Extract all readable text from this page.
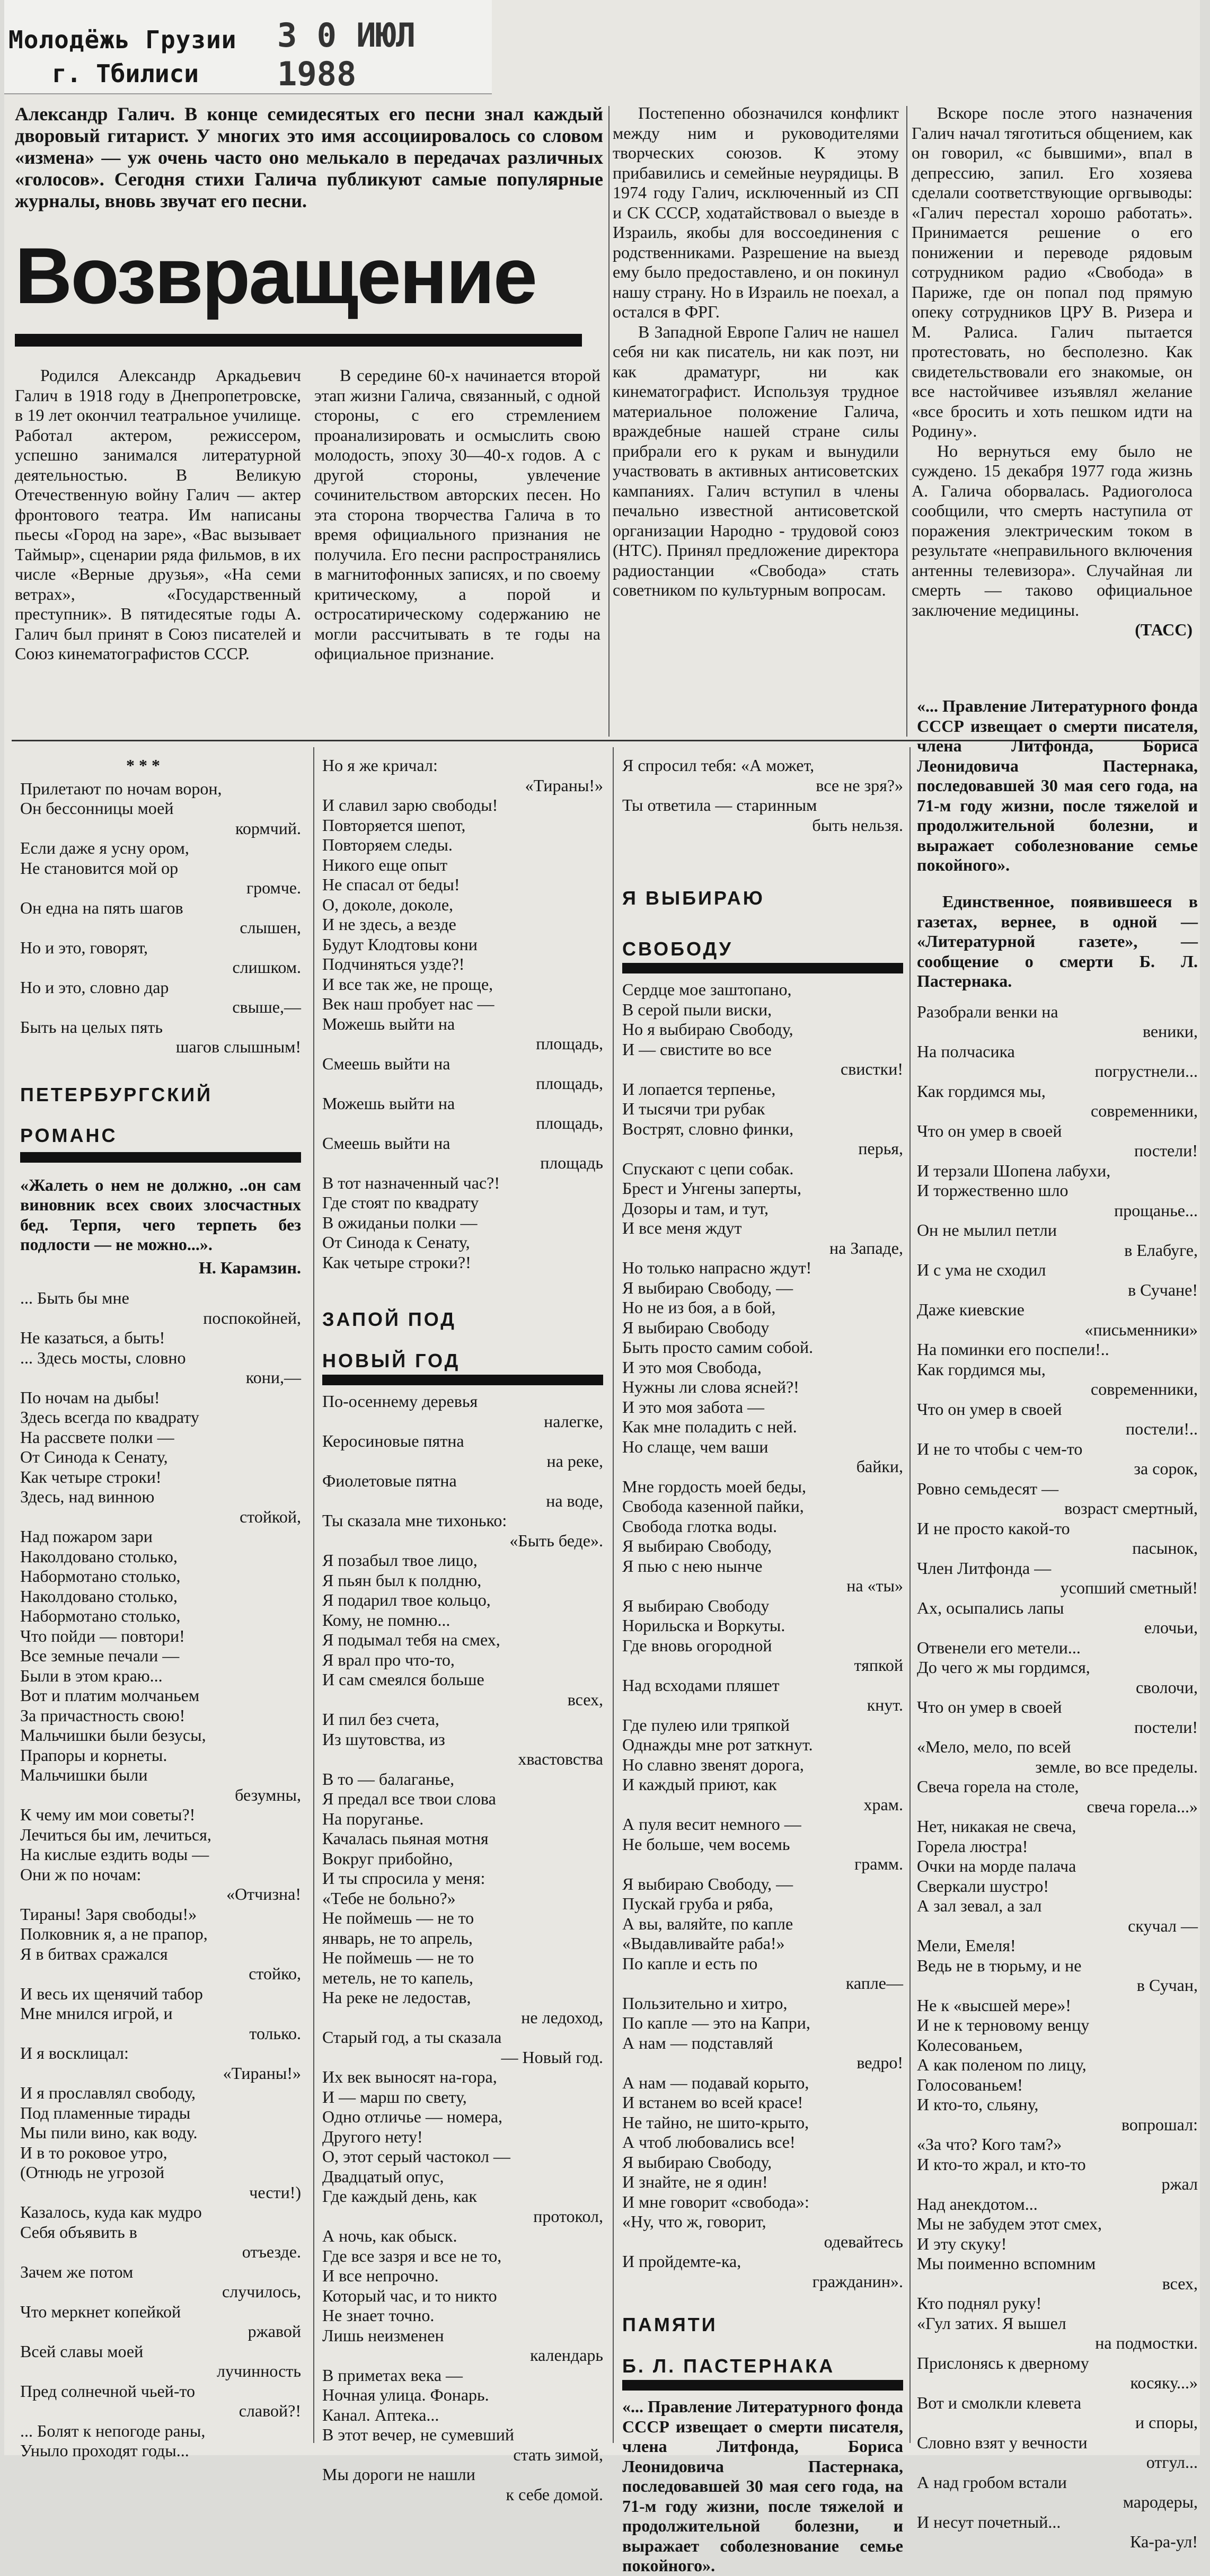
Молодёжь Грузии
г. Тбилиси
3 0 ИЮЛ 1988
Александр Галич. В конце семидесятых его песни знал каждый дворовый гитарист. У многих это имя ассоциировалось со словом «измена» — уж очень часто оно мелькало в передачах различных «голосов». Сегодня стихи Галича публикуют самые популярные журналы, вновь звучат его песни.
Возвращение

Родился Александр Аркадьевич Галич в 1918 году в Днепропетровске, в 19 лет окончил театральное училище. Работал актером, режиссером, успешно занимался литературной деятельностью. В Великую Отечественную войну Галич — актер фронтового театра. Им написаны пьесы «Город на заре», «Вас вызывает Таймыр», сценарии ряда фильмов, в их числе «Верные друзья», «На семи ветрах», «Государственный преступник». В пятидесятые годы А. Галич был принят в Союз писателей и Союз кинематографистов СССР.

В середине 60-х начинается второй этап жизни Галича, связанный, с одной стороны, с его стремлением проанализировать и осмыслить свою молодость, эпоху 30—40-х годов. А с другой стороны, увлечение сочинительством авторских песен. Но эта сторона творчества Галича в то время официального признания не получила. Его песни распространялись в магнитофонных записях, и по своему критическому, а порой и остросатирическому содержанию не могли рассчитывать в те годы на официальное признание.

Постепенно обозначился конфликт между ним и руководителями творческих союзов. К этому прибавились и семейные неурядицы. В 1974 году Галич, исключенный из СП и СК СССР, ходатайствовал о выезде в Израиль, якобы для воссоединения с родственниками. Разрешение на выезд ему было предоставлено, и он покинул нашу страну. Но в Израиль не поехал, а остался в ФРГ.

В Западной Европе Галич не нашел себя ни как писатель, ни как поэт, ни как драматург, ни как кинематографист. Используя трудное материальное положение Галича, враждебные нашей стране силы прибрали его к рукам и вынудили участвовать в активных антисоветских кампаниях. Галич вступил в члены печально известной антисоветской организации Народно - трудовой союз (НТС). Принял предложение директора радиостанции «Свобода» стать советником по культурным вопросам.

Вскоре после этого назначения Галич начал тяготиться общением, как он говорил, «с бывшими», впал в депрессию, запил. Его хозяева сделали соответствующие оргвыводы: «Галич перестал хорошо работать». Принимается решение о его понижении и переводе рядовым сотрудником радио «Свобода» в Париже, где он попал под прямую опеку сотрудников ЦРУ В. Ризера и М. Ралиса. Галич пытается протестовать, но бесполезно. Как свидетельствовали его знакомые, он все настойчивее изъявлял желание «все бросить и хоть пешком идти на Родину».

Но вернуться ему было не суждено. 15 декабря 1977 года жизнь А. Галича оборвалась. Радиоголоса сообщили, что смерть наступила от поражения электрическим током в результате «неправильного включения антенны телевизора». Случайная ли смерть — таково официальное заключение медицины.

(ТАСС)
* * *
Прилетают по ночам ворон,
Он бессонницы моей
кормчий.
Если даже я усну ором,
Не становится мой ор
громче.
Он една на пять шагов
слышен,
Но и это, говорят,
слишком.
Но и это, словно дар
свыше,—
Быть на целых пять
шагов слышным!
ПЕТЕРБУРГСКИЙ
РОМАНС
«Жалеть о нем не должно, ..он сам виновник всех своих злосчастных бед. Терпя, чего терпеть без подлости — не можно...».
Н. Карамзин.
... Быть бы мне
поспокойней,
Не казаться, а быть!
... Здесь мосты, словно
кони,—
По ночам на дыбы!
Здесь всегда по квадрату
На рассвете полки —
От Синода к Сенату,
Как четыре строки!
Здесь, над винною
стойкой,
Над пожаром зари
Наколдовано столько,
Набормотано столько,
Наколдовано столько,
Набормотано столько,
Что пойди — повтори!
Все земные печали —
Были в этом краю...
Вот и платим молчаньем
За причастность свою!
Мальчишки были безусы,
Прапоры и корнеты.
Мальчишки были
безумны,
К чему им мои советы?!
Лечиться бы им, лечиться,
На кислые ездить воды —
Они ж по ночам:
«Отчизна!
Тираны! Заря свободы!»
Полковник я, а не прапор,
Я в битвах сражался
стойко,
И весь их щенячий табор
Мне мнился игрой, и
только.
И я восклицал:
«Тираны!»
И я прославлял свободу,
Под пламенные тирады
Мы пили вино, как воду.
И в то роковое утро,
(Отнюдь не угрозой
чести!)
Казалось, куда как мудро
Себя объявить в
отъезде.
Зачем же потом
случилось,
Что меркнет копейкой
ржавой
Всей славы моей
лучинность
Пред солнечной чьей-то
славой?!
... Болят к непогоде раны,
Уныло проходят годы...
Но я же кричал:
«Тираны!»
И славил зарю свободы!
Повторяется шепот,
Повторяем следы.
Никого еще опыт
Не спасал от беды!
О, доколе, доколе,
И не здесь, а везде
Будут Клодтовы кони
Подчиняться узде?!
И все так же, не проще,
Век наш пробует нас —
Можешь выйти на
площадь,
Смеешь выйти на
площадь,
Можешь выйти на
площадь,
Смеешь выйти на
площадь
В тот назначенный час?!
Где стоят по квадрату
В ожиданьи полки —
От Синода к Сенату,
Как четыре строки?!
ЗАПОЙ ПОД
НОВЫЙ ГОД
По-осеннему деревья
налегке,
Керосиновые пятна
на реке,
Фиолетовые пятна
на воде,
Ты сказала мне тихонько:
«Быть беде».
Я позабыл твое лицо,
Я пьян был к полдню,
Я подарил твое кольцо,
Кому, не помню...
Я подымал тебя на смех,
Я врал про что-то,
И сам смеялся больше
всех,
И пил без счета,
Из шутовства, из
хвастовства
В то — балаганье,
Я предал все твои слова
На поруганье.
Качалась пьяная мотня
Вокруг прибойно,
И ты спросила у меня:
«Тебе не больно?»
Не поймешь — не то
январь, не то апрель,
Не поймешь — не то
метель, не то капель,
На реке не ледостав,
не ледоход,
Старый год, а ты сказала
— Новый год.
Их век выносят на-гора,
И — марш по свету,
Одно отличье — номера,
Другого нету!
О, этот серый частокол —
Двадцатый опус,
Где каждый день, как
протокол,
А ночь, как обыск.
Где все зазря и все не то,
И все непрочно.
Который час, и то никто
Не знает точно.
Лишь неизменен
календарь
В приметах века —
Ночная улица. Фонарь.
Канал. Аптека...
В этот вечер, не сумевший
стать зимой,
Мы дороги не нашли
к себе домой.
Я спросил тебя: «А может,
все не зря?»
Ты ответила — старинным
быть нельзя.
Я ВЫБИРАЮ
СВОБОДУ
Сердце мое заштопано,
В серой пыли виски,
Но я выбираю Свободу,
И — свистите во все
свистки!
И лопается терпенье,
И тысячи три рубак
Вострят, словно финки,
перья,
Спускают с цепи собак.
Брест и Унгены заперты,
Дозоры и там, и тут,
И все меня ждут
на Западе,
Но только напрасно ждут!
Я выбираю Свободу, —
Но не из боя, а в бой,
Я выбираю Свободу
Быть просто самим собой.
И это моя Свобода,
Нужны ли слова ясней?!
И это моя забота —
Как мне поладить с ней.
Но слаще, чем ваши
байки,
Мне гордость моей беды,
Свобода казенной пайки,
Свобода глотка воды.
Я выбираю Свободу,
Я пью с нею нынче
на «ты»
Я выбираю Свободу
Норильска и Воркуты.
Где вновь огородной
тяпкой
Над всходами пляшет
кнут.
Где пулею или тряпкой
Однажды мне рот заткнут.
Но славно звенят дорога,
И каждый приют, как
храм.
А пуля весит немного —
Не больше, чем восемь
грамм.
Я выбираю Свободу, —
Пускай груба и ряба,
А вы, валяйте, по капле
«Выдавливайте раба!»
По капле и есть по
капле—
Пользительно и хитро,
По капле — это на Капри,
А нам — подставляй
ведро!
А нам — подавай корыто,
И встанем во всей красе!
Не тайно, не шито-крыто,
А чтоб любовались все!
Я выбираю Свободу,
И знайте, не я один!
И мне говорит «свобода»:
«Ну, что ж, говорит,
одевайтесь
И пройдемте-ка,
гражданин».
ПАМЯТИ
Б. Л. ПАСТЕРНАКА
«... Правление Литературного фонда СССР извещает о смерти писателя, члена Литфонда, Бориса Леонидовича Пастернака, последовавшей 30 мая сего года, на 71-м году жизни, после тяжелой и продолжительной болезни, и выражает соболезнование семье покойного».
«... Правление Литературного фонда СССР извещает о смерти писателя, члена Литфонда, Бориса Леонидовича Пастернака, последовавшей 30 мая сего года, на 71-м году жизни, после тяжелой и продолжительной болезни, и выражает соболезнование семье покойного».
Единственное, появившееся в газетах, вернее, в одной — «Литературной газете», — сообщение о смерти Б. Л. Пастернака.
Разобрали венки на
веники,
На полчасика
погрустнели...
Как гордимся мы,
современники,
Что он умер в своей
постели!
И терзали Шопена лабухи,
И торжественно шло
прощанье...
Он не мылил петли
в Елабуге,
И с ума не сходил
в Сучане!
Даже киевские
«письменники»
На поминки его поспели!..
Как гордимся мы,
современники,
Что он умер в своей
постели!..
И не то чтобы с чем-то
за сорок,
Ровно семьдесят —
возраст смертный,
И не просто какой-то
пасынок,
Член Литфонда —
усопший сметный!
Ах, осыпались лапы
елочьи,
Отвенели его метели...
До чего ж мы гордимся,
сволочи,
Что он умер в своей
постели!
«Мело, мело, по всей
земле, во все пределы.
Свеча горела на столе,
свеча горела...»
Нет, никакая не свеча,
Горела люстра!
Очки на морде палача
Сверкали шустро!
А зал зевал, а зал
скучал —
Мели, Емеля!
Ведь не в тюрьму, и не
в Сучан,
Не к «высшей мере»!
И не к терновому венцу
Колесованьем,
А как поленом по лицу,
Голосованьем!
И кто-то, сльяну,
вопрошал:
«За что? Кого там?»
И кто-то жрал, и кто-то
ржал
Над анекдотом...
Мы не забудем этот смех,
И эту скуку!
Мы поименно вспомним
всех,
Кто поднял руку!
«Гул затих. Я вышел
на подмостки.
Прислонясь к дверному
косяку...»
Вот и смолкли клевета
и споры,
Словно взят у вечности
отгул...
А над гробом встали
мародеры,
И несут почетный...
Ка-ра-ул!
